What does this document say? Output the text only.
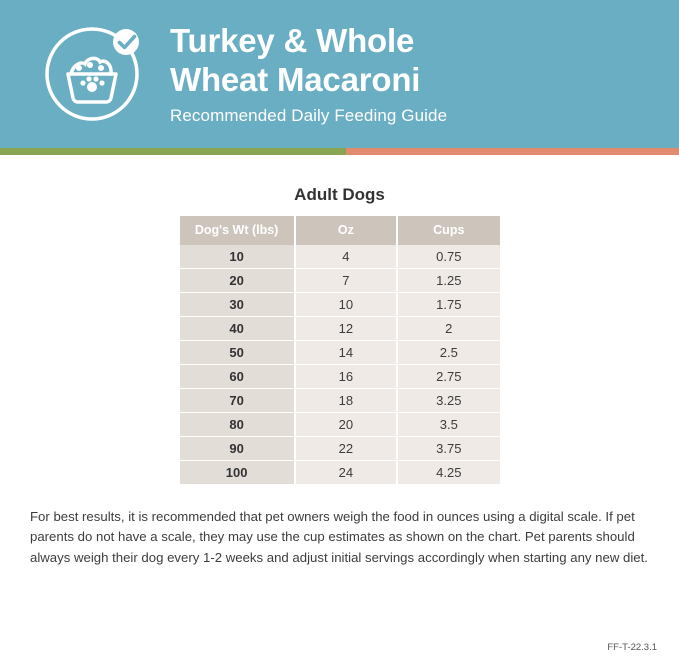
Turkey & Whole
Wheat Macaroni
Recommended Daily Feeding Guide
Adult Dogs
Dog's Wt (lbs)	Oz	Cups
10	4	0.75
20	7	1.25
30	10	1.75
40	12	2
50	14	2.5
60	16	2.75
70	18	3.25
80	20	3.5
90	22	3.75
100	24	4.25

For best results, it is recommended that pet owners weigh the food in ounces using a digital scale. If pet parents do not have a scale, they may use the cup estimates as shown on the chart. Pet parents should always weigh their dog every 1-2 weeks and adjust initial servings accordingly when starting any new diet.

FF-T-22.3.1
